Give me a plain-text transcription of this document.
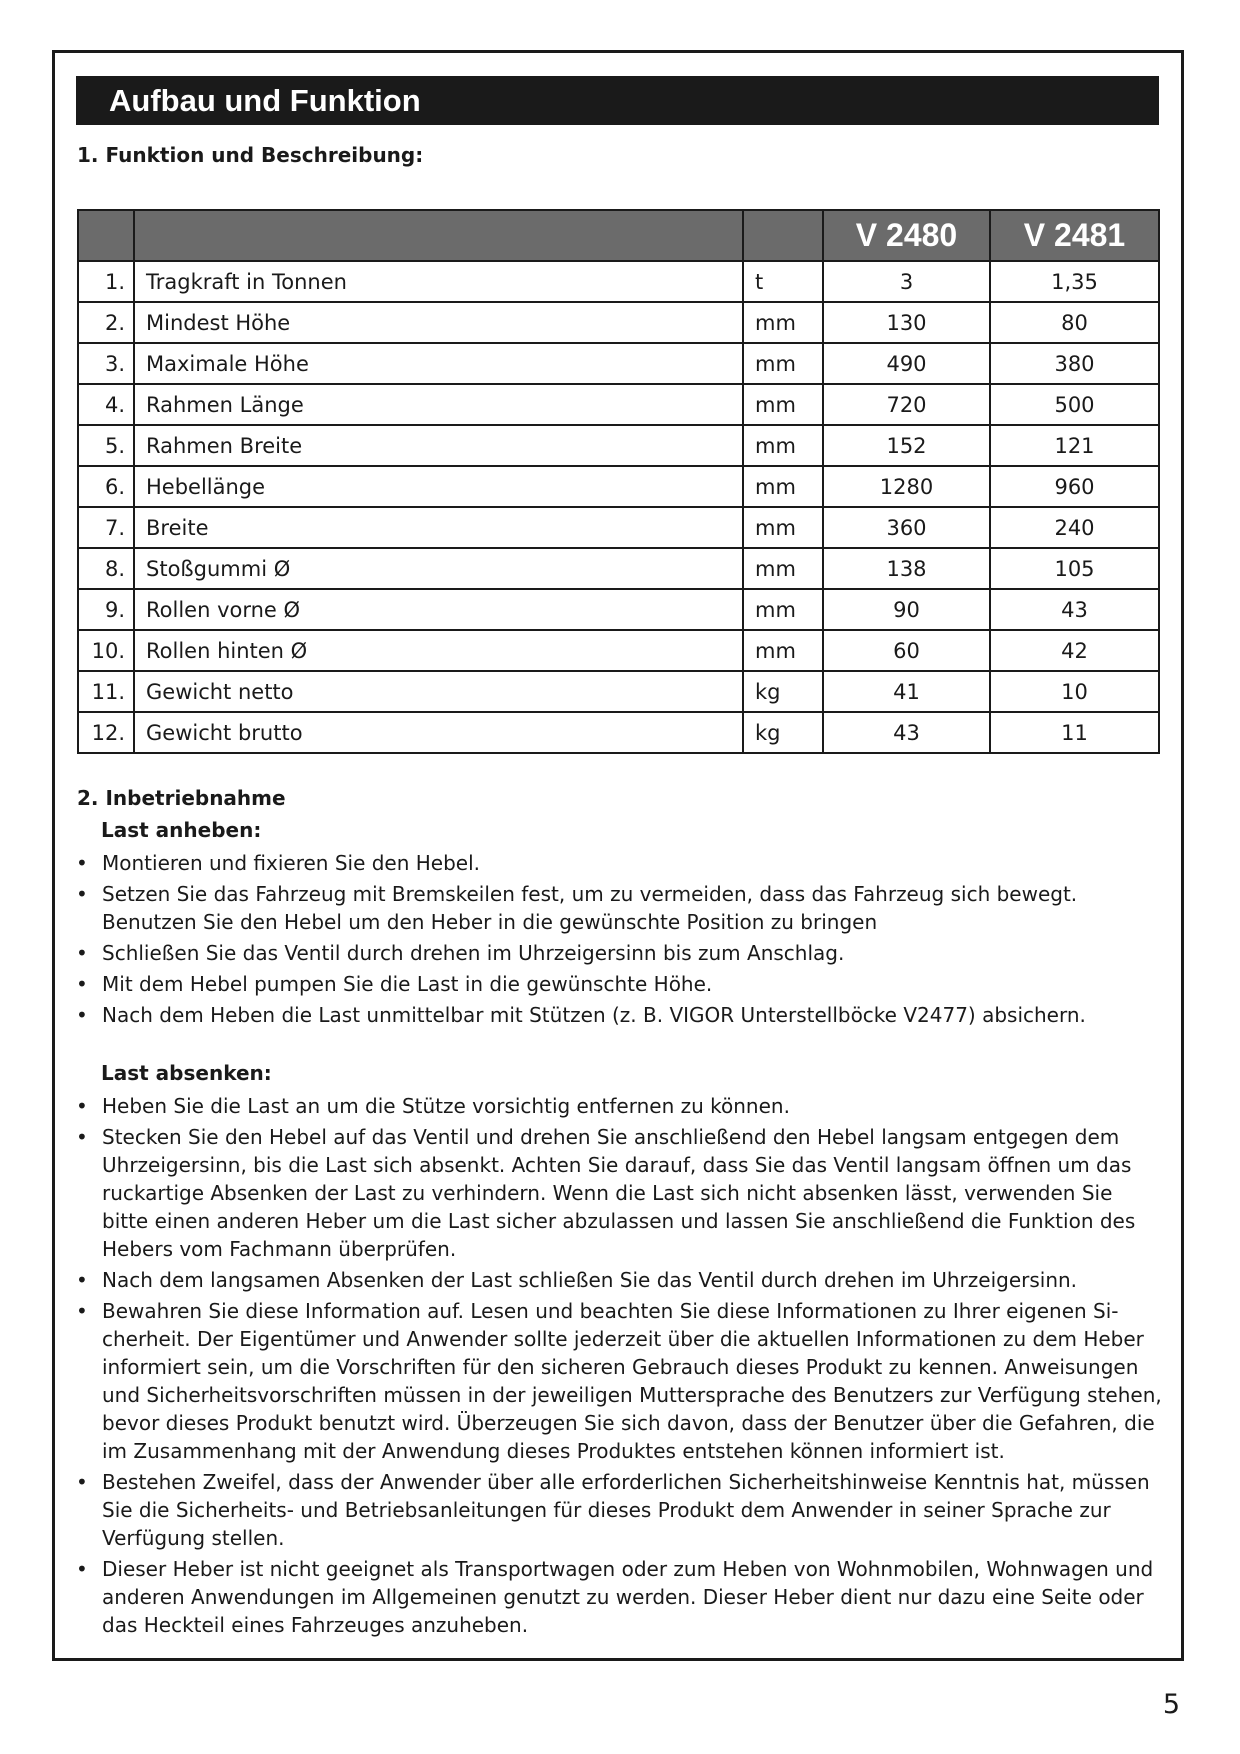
Aufbau und Funktion
1. Funktion und Beschreibung:
			V 2480	V 2481
1.	Tragkraft in Tonnen	t	3	1,35
2.	Mindest Höhe	mm	130	80
3.	Maximale Höhe	mm	490	380
4.	Rahmen Länge	mm	720	500
5.	Rahmen Breite	mm	152	121
6.	Hebellänge	mm	1280	960
7.	Breite	mm	360	240
8.	Stoßgummi Ø	mm	138	105
9.	Rollen vorne Ø	mm	90	43
10.	Rollen hinten Ø	mm	60	42
11.	Gewicht netto	kg	41	10
12.	Gewicht brutto	kg	43	11
2. Inbetriebnahme
Last anheben:
• Montieren und fixieren Sie den Hebel.
• Setzen Sie das Fahrzeug mit Bremskeilen fest, um zu vermeiden, dass das Fahrzeug sich bewegt. Benutzen Sie den Hebel um den Heber in die gewünschte Position zu bringen
• Schließen Sie das Ventil durch drehen im Uhrzeigersinn bis zum Anschlag.
• Mit dem Hebel pumpen Sie die Last in die gewünschte Höhe.
• Nach dem Heben die Last unmittelbar mit Stützen (z. B. VIGOR Unterstellböcke V2477) absichern.
Last absenken:
• Heben Sie die Last an um die Stütze vorsichtig entfernen zu können.
• Stecken Sie den Hebel auf das Ventil und drehen Sie anschließend den Hebel langsam entgegen dem Uhrzeigersinn, bis die Last sich absenkt. Achten Sie darauf, dass Sie das Ventil langsam öffnen um das ruckartige Absenken der Last zu verhindern. Wenn die Last sich nicht absenken lässt, verwenden Sie bitte einen anderen Heber um die Last sicher abzulassen und lassen Sie anschließend die Funktion des Hebers vom Fachmann überprüfen.
• Nach dem langsamen Absenken der Last schließen Sie das Ventil durch drehen im Uhrzeigersinn.
• Bewahren Sie diese Information auf. Lesen und beachten Sie diese Informationen zu Ihrer eigenen Si-cherheit. Der Eigentümer und Anwender sollte jederzeit über die aktuellen Informationen zu dem Heber informiert sein, um die Vorschriften für den sicheren Gebrauch dieses Produkt zu kennen. Anweisungen und Sicherheitsvorschriften müssen in der jeweiligen Muttersprache des Benutzers zur Verfügung stehen, bevor dieses Produkt benutzt wird. Überzeugen Sie sich davon, dass der Benutzer über die Gefahren, die im Zusammenhang mit der Anwendung dieses Produktes entstehen können informiert ist.
• Bestehen Zweifel, dass der Anwender über alle erforderlichen Sicherheitshinweise Kenntnis hat, müssen Sie die Sicherheits- und Betriebsanleitungen für dieses Produkt dem Anwender in seiner Sprache zur Verfügung stellen.
• Dieser Heber ist nicht geeignet als Transportwagen oder zum Heben von Wohnmobilen, Wohnwagen und anderen Anwendungen im Allgemeinen genutzt zu werden. Dieser Heber dient nur dazu eine Seite oder das Heckteil eines Fahrzeuges anzuheben.
5
